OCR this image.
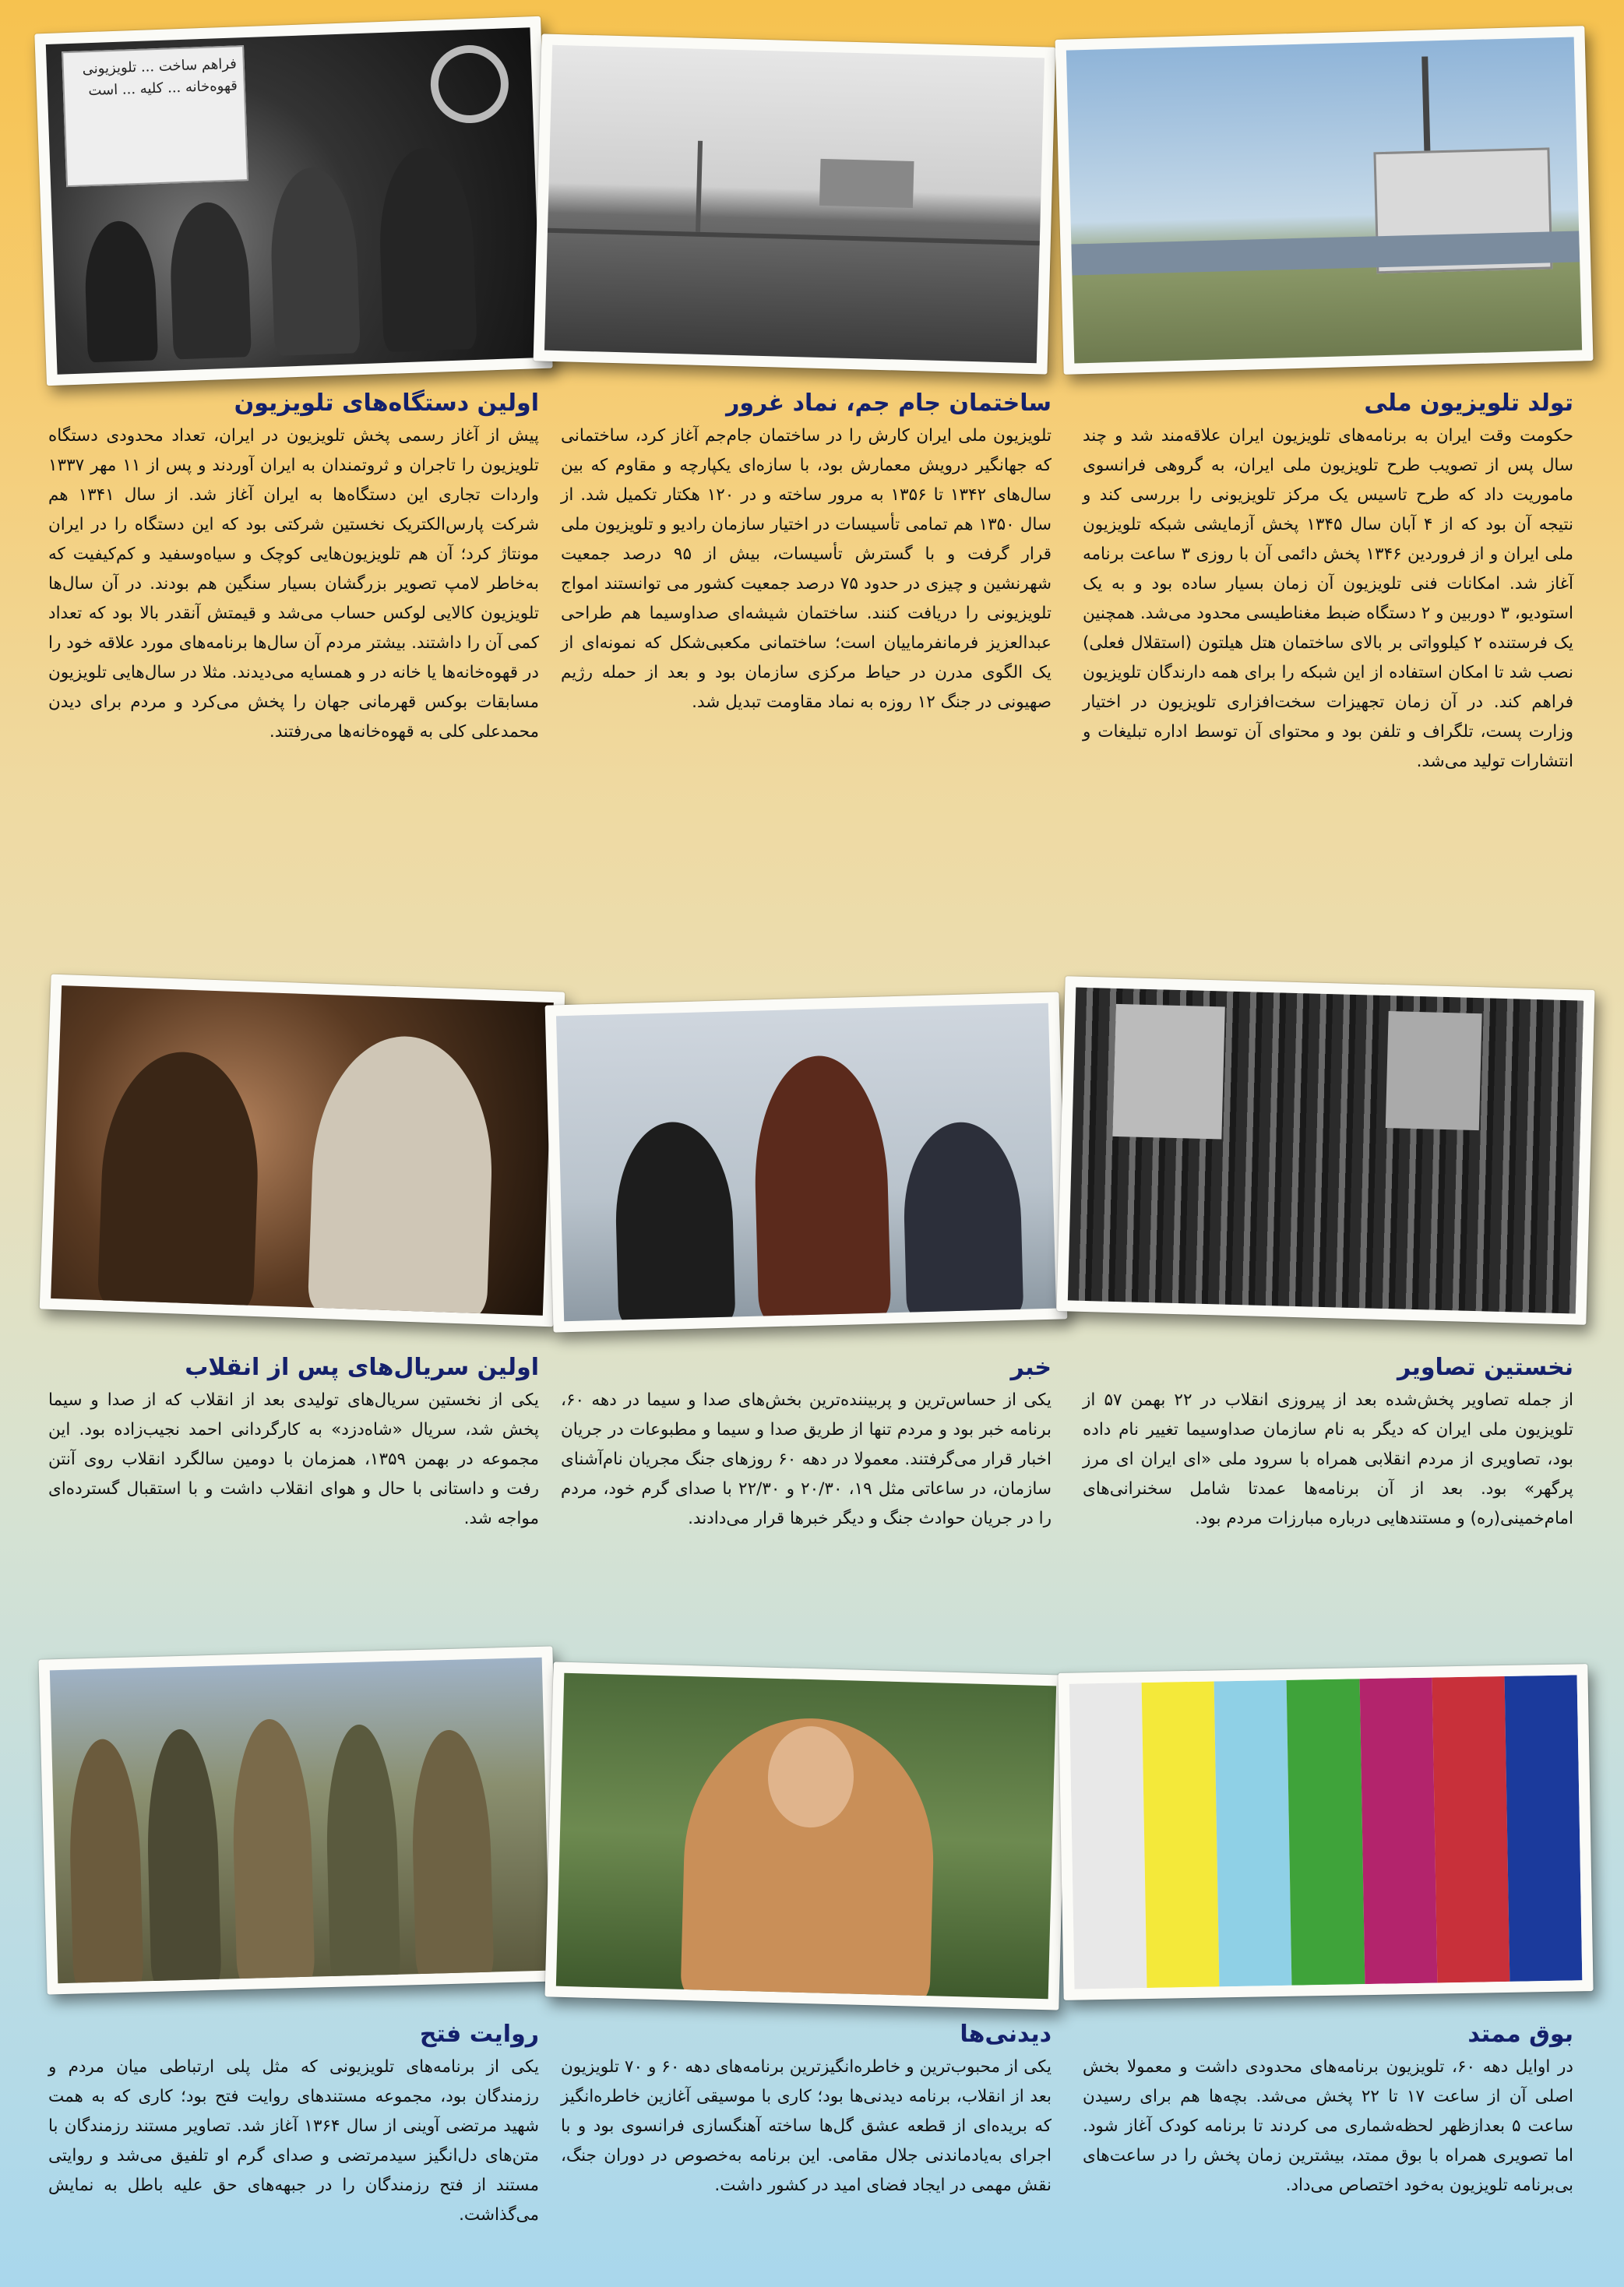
فراهم ساخت ... تلویزیونی قهوه‌خانه ... کلیه ... است
تولد تلویزیون ملی

حکومت وقت ایران به برنامه‌های تلویزیون ایران علاقه‌مند شد و چند سال پس از تصویب طرح تلویزیون ملی ایران، به گروهی فرانسوی ماموریت داد که طرح تاسیس یک مرکز تلویزیونی را بررسی کند و نتیجه آن بود که از ۴ آبان سال ۱۳۴۵ پخش آزمایشی شبکه تلویزیون ملی ایران و از فروردین ۱۳۴۶ پخش دائمی آن با روزی ۳ ساعت برنامه آغاز شد. امکانات فنی تلویزیون آن زمان بسیار ساده بود و به یک استودیو، ۳ دوربین و ۲ دستگاه ضبط مغناطیسی محدود می‌شد. همچنین یک فرستنده ۲ کیلوواتی بر بالای ساختمان هتل هیلتون (استقلال فعلی) نصب شد تا امکان استفاده از این شبکه را برای همه دارندگان تلویزیون فراهم کند. در آن زمان تجهیزات سخت‌افزاری تلویزیون در اختیار وزارت پست، تلگراف و تلفن بود و محتوای آن توسط اداره تبلیغات و انتشارات تولید می‌شد.

ساختمان جام جم، نماد غرور

تلویزیون ملی ایران کارش را در ساختمان جام‌جم آغاز کرد، ساختمانی که جهانگیر درویش معمارش بود، با سازه‌ای یکپارچه و مقاوم که بین سال‌های ۱۳۴۲ تا ۱۳۵۶ به مرور ساخته و در ۱۲۰ هکتار تکمیل شد. از سال ۱۳۵۰ هم تمامی تأسیسات در اختیار سازمان رادیو و تلویزیون ملی قرار گرفت و با گسترش تأسیسات، بیش از ۹۵ درصد جمعیت شهرنشین و چیزی در حدود ۷۵ درصد جمعیت کشور می توانستند امواج تلویزیونی را دریافت کنند. ساختمان شیشه‌ای صداوسیما هم طراحی عبدالعزیز فرمانفرماییان است؛ ساختمانی مکعبی‌شکل که نمونه‌ای از یک الگوی مدرن در حیاط مرکزی سازمان بود و بعد از حمله رژیم صهیونی در جنگ ۱۲ روزه به نماد مقاومت تبدیل شد.

اولین دستگاه‌های تلویزیون

پیش از آغاز رسمی پخش تلویزیون در ایران، تعداد محدودی دستگاه تلویزیون را تاجران و ثروتمندان به ایران آوردند و پس از ۱۱ مهر ۱۳۳۷ واردات تجاری این دستگاه‌ها به ایران آغاز شد. از سال ۱۳۴۱ هم شرکت پارس‌الکتریک نخستین شرکتی بود که این دستگاه را در ایران مونتاژ کرد؛ آن هم تلویزیون‌هایی کوچک و سیاه‌وسفید و کم‌کیفیت که به‌خاطر لامپ تصویر بزرگشان بسیار سنگین هم بودند. در آن سال‌ها تلویزیون کالایی لوکس حساب می‌شد و قیمتش آنقدر بالا بود که تعداد کمی آن را داشتند. بیشتر مردم آن سال‌ها برنامه‌های مورد علاقه خود را در قهوه‌خانه‌ها یا خانه در و همسایه می‌دیدند. مثلا در سال‌هایی تلویزیون مسابقات بوکس قهرمانی جهان را پخش می‌کرد و مردم برای دیدن محمدعلی کلی به قهوه‌خانه‌ها می‌رفتند.

نخستین تصاویر

از جمله تصاویر پخش‌شده بعد از پیروزی انقلاب در ۲۲ بهمن ۵۷ از تلویزیون ملی ایران که دیگر به نام سازمان صداوسیما تغییر نام داده بود، تصاویری از مردم انقلابی همراه با سرود ملی «ای ایران ای مرز پرگهر» بود. بعد از آن برنامه‌ها عمدتا شامل سخنرانی‌های امام‌خمینی(ره) و مستندهایی درباره مبارزات مردم بود.

خبر

یکی از حساس‌ترین و پربیننده‌ترین بخش‌های صدا و سیما در دهه ۶۰، برنامه خبر بود و مردم تنها از طریق صدا و سیما و مطبوعات در جریان اخبار قرار می‌گرفتند. معمولا در دهه ۶۰ روزهای جنگ مجریان نام‌آشنای سازمان، در ساعاتی مثل ۱۹، ۲۰/۳۰ و ۲۲/۳۰ با صدای گرم خود، مردم را در جریان حوادث جنگ و دیگر خبرها قرار می‌دادند.

اولین سریال‌های پس از انقلاب

یکی از نخستین سریال‌های تولیدی بعد از انقلاب که از صدا و سیما پخش شد، سریال «شاه‌دزد» به کارگردانی احمد نجیب‌زاده بود. این مجموعه در بهمن ۱۳۵۹، همزمان با دومین سالگرد انقلاب روی آنتن رفت و داستانی با حال و هوای انقلاب داشت و با استقبال گسترده‌ای مواجه شد.

بوق ممتد

در اوایل دهه ۶۰، تلویزیون برنامه‌های محدودی داشت و معمولا بخش اصلی آن از ساعت ۱۷ تا ۲۲ پخش می‌شد. بچه‌ها هم برای رسیدن ساعت ۵ بعدازظهر لحظه‌شماری می کردند تا برنامه کودک آغاز شود. اما تصویری همراه با بوق ممتد، بیشترین زمان پخش را در ساعت‌های بی‌برنامه تلویزیون به‌خود اختصاص می‌داد.

دیدنی‌ها

یکی از محبوب‌ترین و خاطره‌انگیزترین برنامه‌های دهه ۶۰ و ۷۰ تلویزیون بعد از انقلاب، برنامه دیدنی‌ها بود؛ کاری با موسیقی آغازین خاطره‌انگیز که بریده‌ای از قطعه عشق گل‌ها ساخته آهنگسازی فرانسوی بود و با اجرای به‌یادماندنی جلال مقامی. این برنامه به‌خصوص در دوران جنگ، نقش مهمی در ایجاد فضای امید در کشور داشت.

روایت فتح

یکی از برنامه‌های تلویزیونی که مثل پلی ارتباطی میان مردم و رزمندگان بود، مجموعه مستندهای روایت فتح بود؛ کاری که به همت شهید مرتضی آوینی از سال ۱۳۶۴ آغاز شد. تصاویر مستند رزمندگان با متن‌های دل‌انگیز سیدمرتضی و صدای گرم او تلفیق می‌شد و روایتی مستند از فتح رزمندگان را در جبهه‌های حق علیه باطل به نمایش می‌گذاشت.
